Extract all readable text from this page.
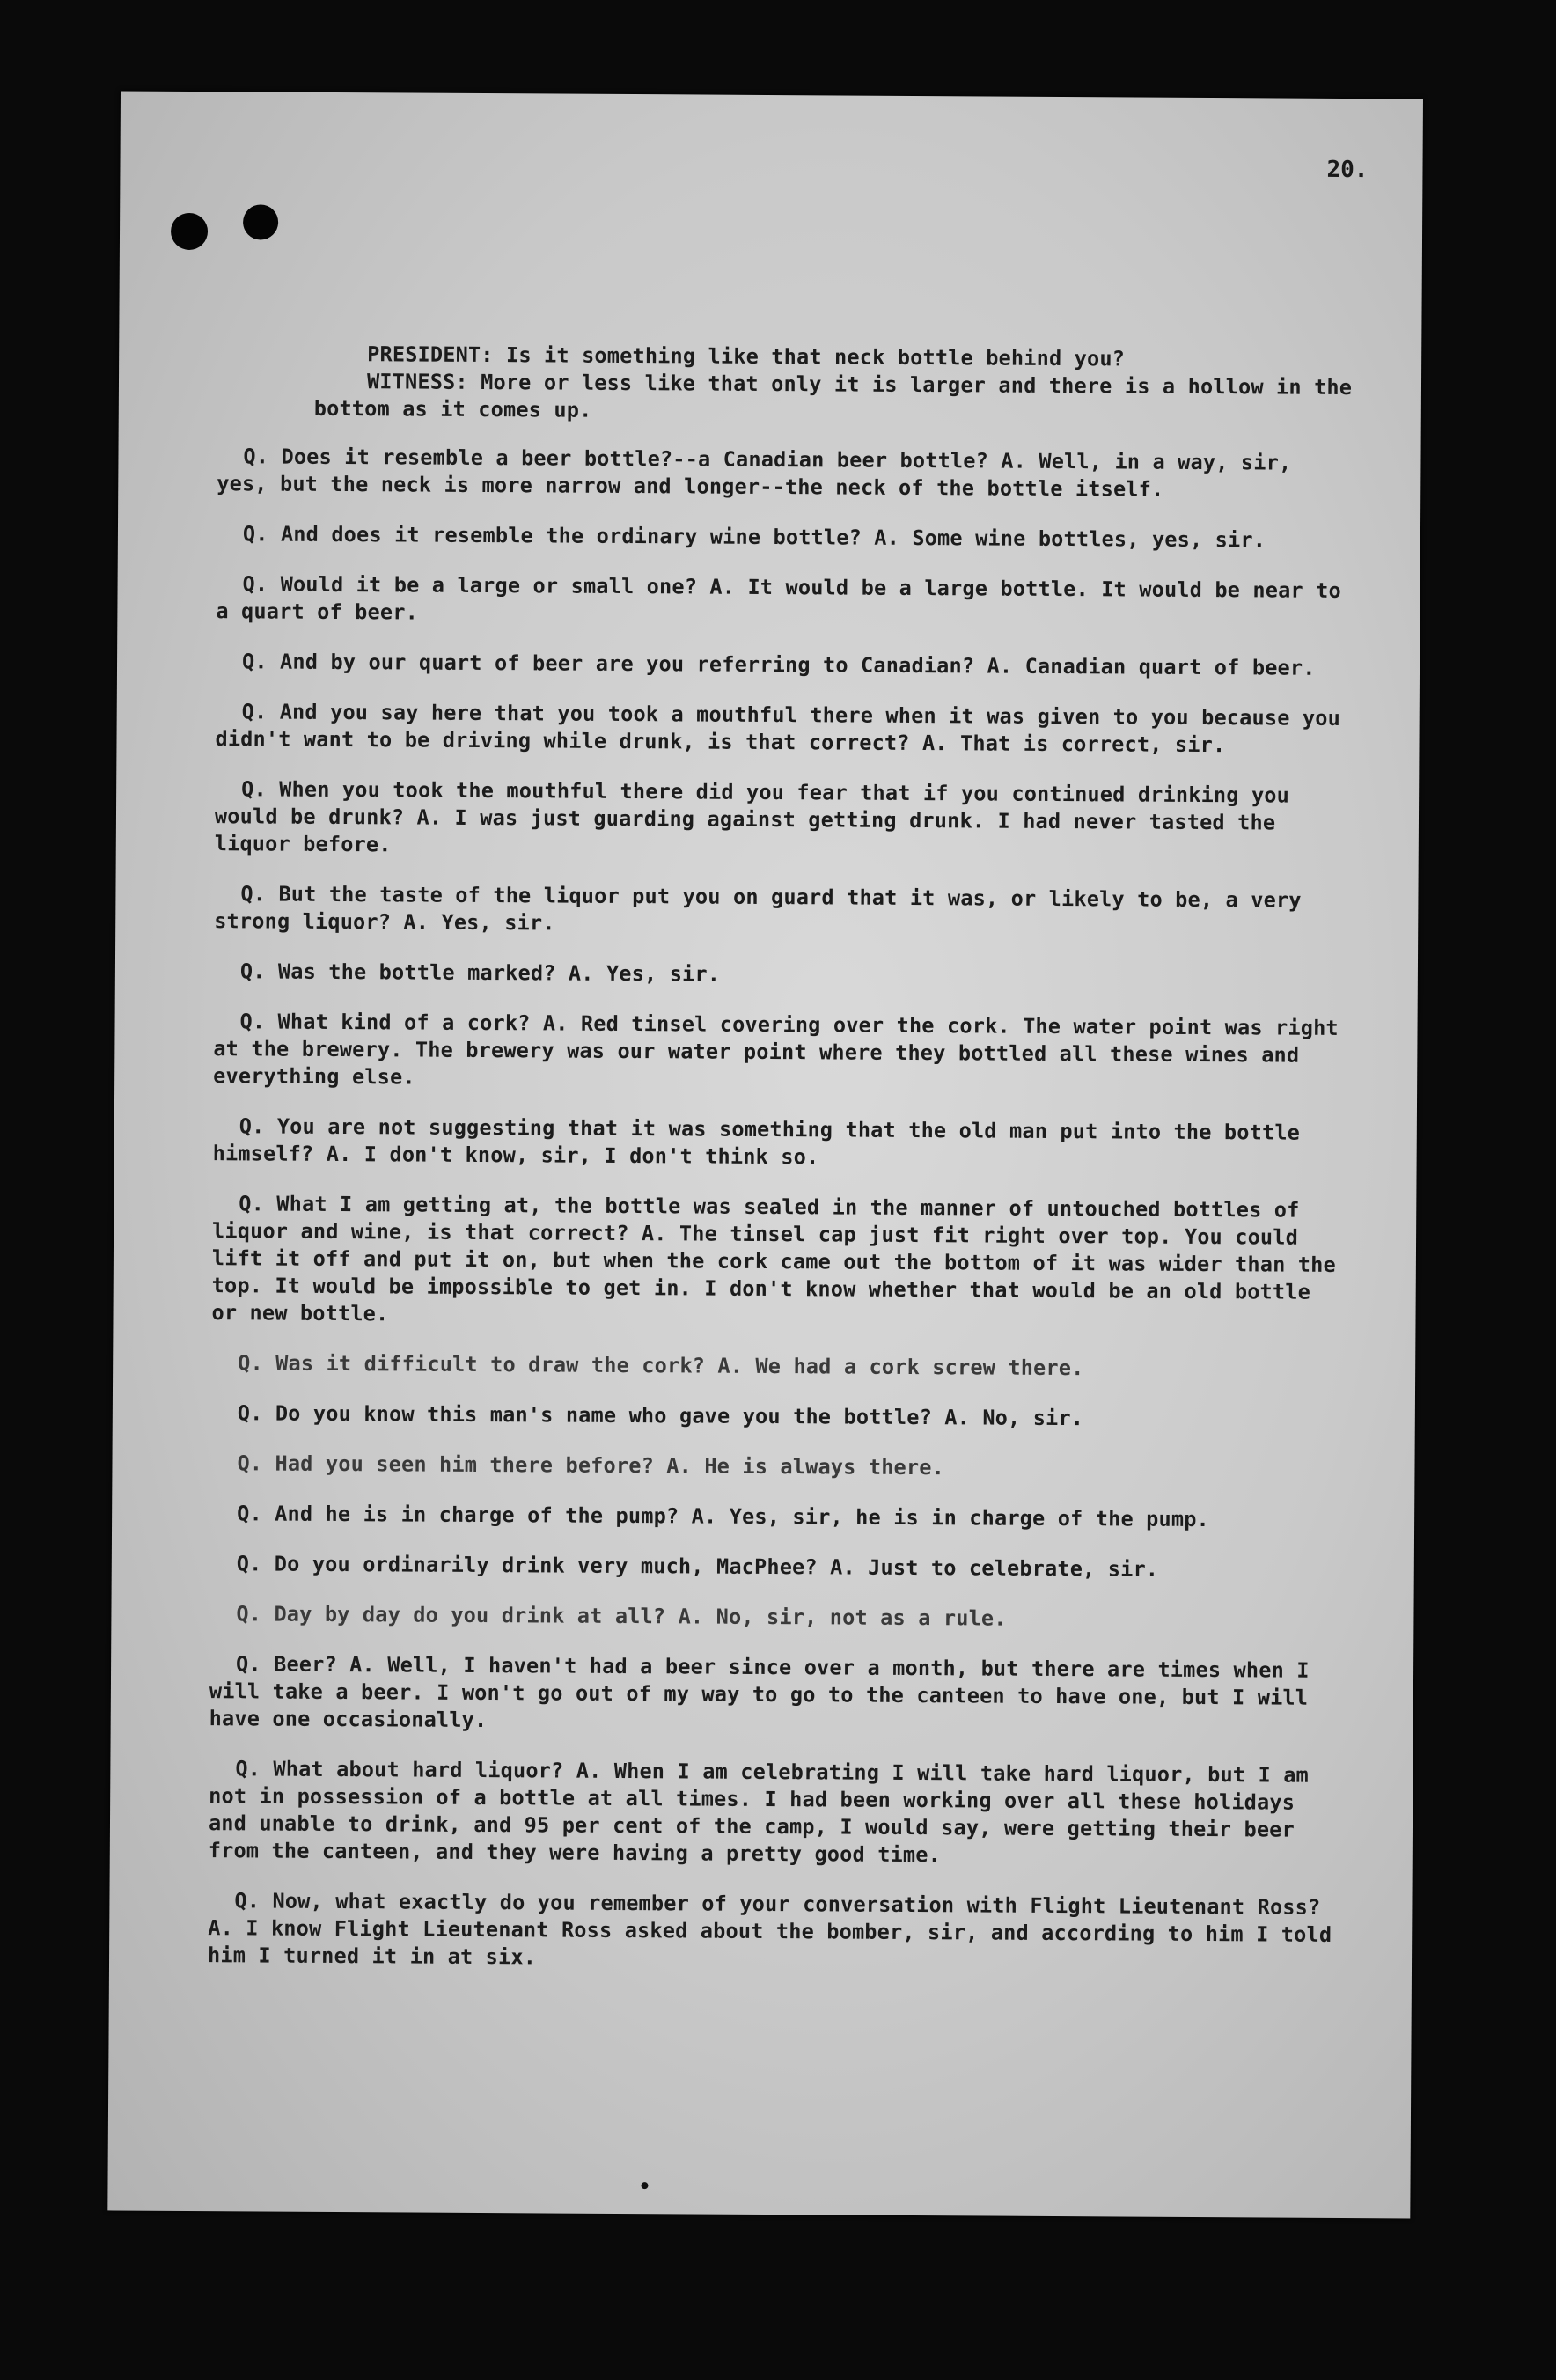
20.
PRESIDENT: Is it something like that neck bottle behind you?
WITNESS: More or less like that only it is larger and there is a hollow in the bottom as it comes up.

Q. Does it resemble a beer bottle?--a Canadian beer bottle? A. Well, in a way, sir, yes, but the neck is more narrow and longer--the neck of the bottle itself.

Q. And does it resemble the ordinary wine bottle? A. Some wine bottles, yes, sir.

Q. Would it be a large or small one? A. It would be a large bottle. It would be near to a quart of beer.

Q. And by our quart of beer are you referring to Canadian? A. Canadian quart of beer.

Q. And you say here that you took a mouthful there when it was given to you because you didn't want to be driving while drunk, is that correct? A. That is correct, sir.

Q. When you took the mouthful there did you fear that if you continued drinking you would be drunk? A. I was just guarding against getting drunk. I had never tasted the liquor before.

Q. But the taste of the liquor put you on guard that it was, or likely to be, a very strong liquor? A. Yes, sir.

Q. Was the bottle marked? A. Yes, sir.

Q. What kind of a cork? A. Red tinsel covering over the cork. The water point was right at the brewery. The brewery was our water point where they bottled all these wines and everything else.

Q. You are not suggesting that it was something that the old man put into the bottle himself? A. I don't know, sir, I don't think so.

Q. What I am getting at, the bottle was sealed in the manner of untouched bottles of liquor and wine, is that correct? A. The tinsel cap just fit right over top. You could lift it off and put it on, but when the cork came out the bottom of it was wider than the top. It would be impossible to get in. I don't know whether that would be an old bottle or new bottle.

Q. Was it difficult to draw the cork? A. We had a cork screw there.

Q. Do you know this man's name who gave you the bottle? A. No, sir.

Q. Had you seen him there before? A. He is always there.

Q. And he is in charge of the pump? A. Yes, sir, he is in charge of the pump.

Q. Do you ordinarily drink very much, MacPhee? A. Just to celebrate, sir.

Q. Day by day do you drink at all? A. No, sir, not as a rule.

Q. Beer? A. Well, I haven't had a beer since over a month, but there are times when I will take a beer. I won't go out of my way to go to the canteen to have one, but I will have one occasionally.

Q. What about hard liquor? A. When I am celebrating I will take hard liquor, but I am not in possession of a bottle at all times. I had been working over all these holidays and unable to drink, and 95 per cent of the camp, I would say, were getting their beer from the canteen, and they were having a pretty good time.

Q. Now, what exactly do you remember of your conversation with Flight Lieutenant Ross? A. I know Flight Lieutenant Ross asked about the bomber, sir, and according to him I told him I turned it in at six.
